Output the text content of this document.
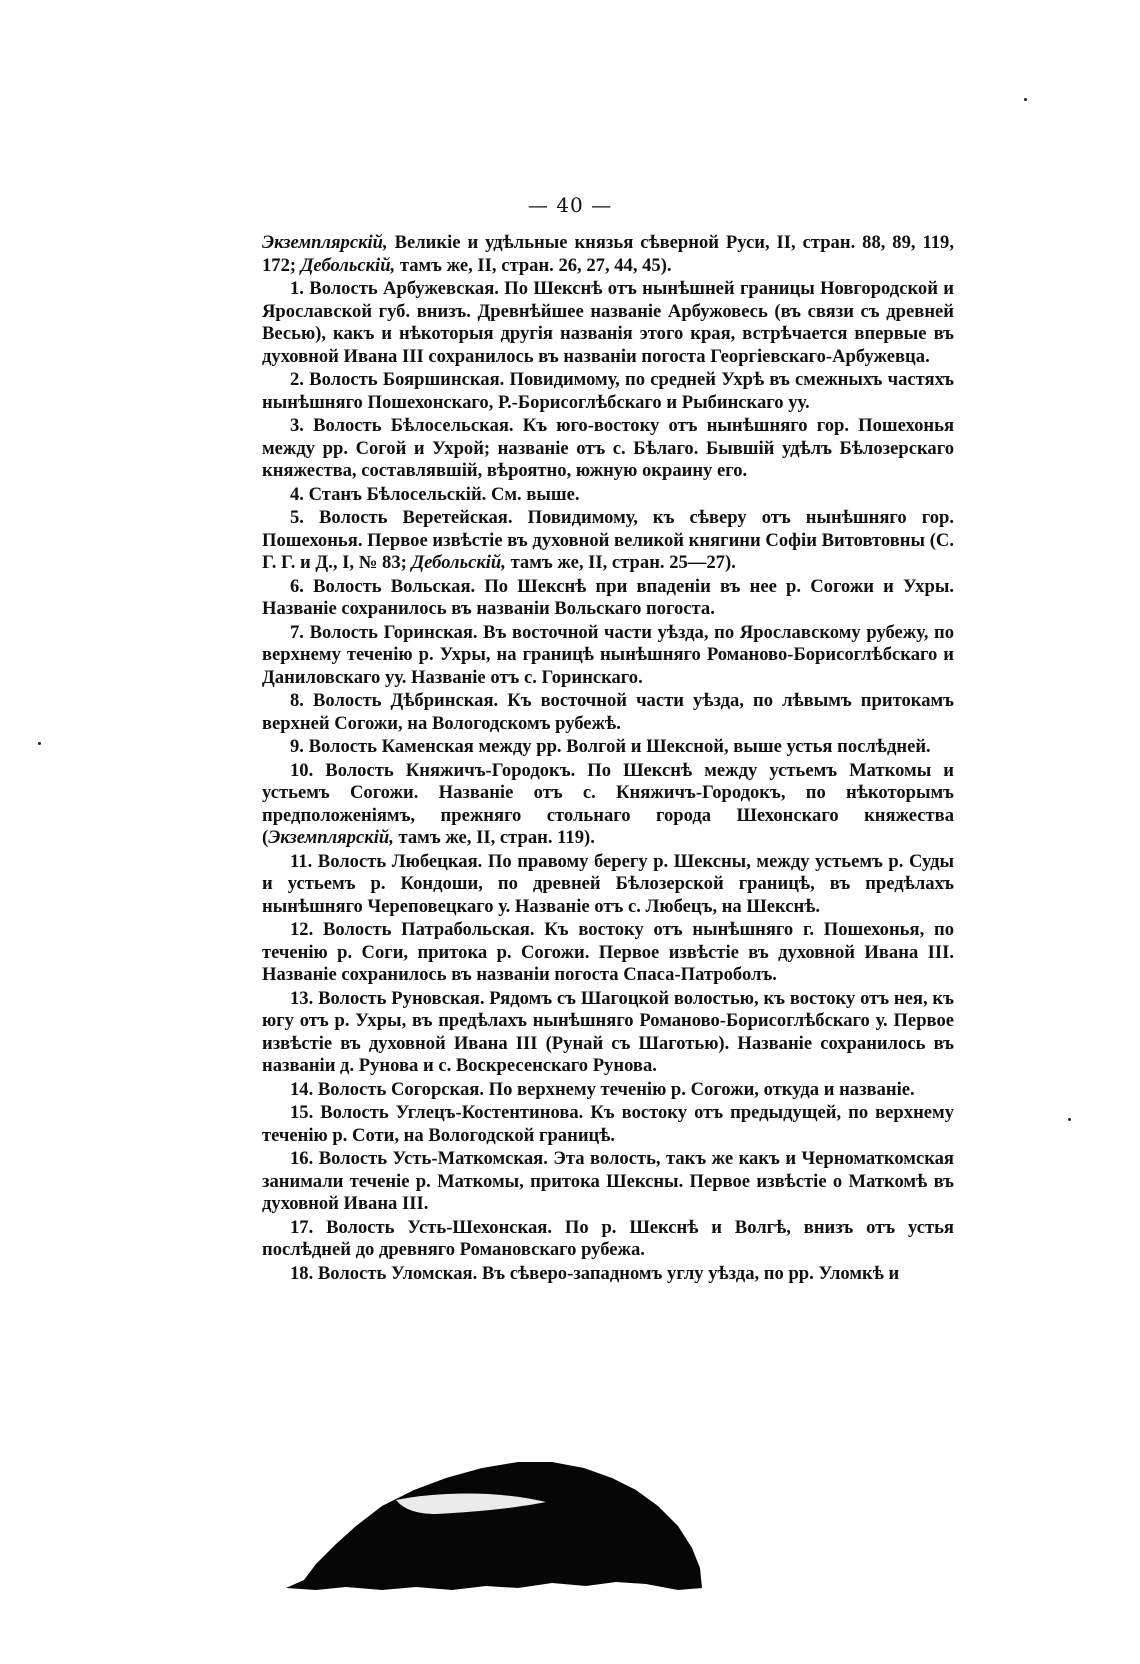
— 40 —

Экземплярскій, Великіе и удѣльные князья сѣверной Руси, II, стран. 88, 89, 119, 172; Дебольскій, тамъ же, II, стран. 26, 27, 44, 45).

1. Волость Арбужевская. По Шекснѣ отъ нынѣшней границы Новгородской и Ярославской губ. внизъ. Древнѣйшее названіе Арбужовесь (въ связи съ древней Весью), какъ и нѣкоторыя другія названія этого края, встрѣчается впервые въ духовной Ивана III сохранилось въ названіи погоста Георгіевскаго-Арбужевца.

2. Волость Бояршинская. Повидимому, по средней Ухрѣ въ смежныхъ частяхъ нынѣшняго Пошехонскаго, Р.-Борисоглѣбскаго и Рыбинскаго уу.

3. Волость Бѣлосельская. Къ юго-востоку отъ нынѣшняго гор. Пошехонья между рр. Согой и Ухрой; названіе отъ с. Бѣлаго. Бывшій удѣлъ Бѣлозерскаго княжества, составлявшій, вѣроятно, южную окраину его.

4. Станъ Бѣлосельскій. См. выше.

5. Волость Веретейская. Повидимому, къ сѣверу отъ нынѣшняго гор. Пошехонья. Первое извѣстіе въ духовной великой княгини Софіи Витовтовны (С. Г. Г. и Д., I, № 83; Дебольскій, тамъ же, II, стран. 25—27).

6. Волость Вольская. По Шекснѣ при впаденіи въ нее р. Согожи и Ухры. Названіе сохранилось въ названіи Вольскаго погоста.

7. Волость Горинская. Въ восточной части уѣзда, по Ярославскому рубежу, по верхнему теченію р. Ухры, на границѣ нынѣшняго Романово-Борисоглѣбскаго и Даниловскаго уу. Названіе отъ с. Горинскаго.

8. Волость Дѣбринская. Къ восточной части уѣзда, по лѣвымъ притокамъ верхней Согожи, на Вологодскомъ рубежѣ.

9. Волость Каменская между рр. Волгой и Шексной, выше устья послѣдней.

10. Волость Княжичъ-Городокъ. По Шекснѣ между устьемъ Маткомы и устьемъ Согожи. Названіе отъ с. Княжичъ-Городокъ, по нѣкоторымъ предположеніямъ, прежняго стольнаго города Шехонскаго княжества (Экземплярскій, тамъ же, II, стран. 119).

11. Волость Любецкая. По правому берегу р. Шексны, между устьемъ р. Суды и устьемъ р. Кондоши, по древней Бѣлозерской границѣ, въ предѣлахъ нынѣшняго Череповецкаго у. Названіе отъ с. Любецъ, на Шекснѣ.

12. Волость Патрабольская. Къ востоку отъ нынѣшняго г. Пошехонья, по теченію р. Соги, притока р. Согожи. Первое извѣстіе въ духовной Ивана III. Названіе сохранилось въ названіи погоста Спаса-Патроболъ.

13. Волость Руновская. Рядомъ съ Шагоцкой волостью, къ востоку отъ нея, къ югу отъ р. Ухры, въ предѣлахъ нынѣшняго Романово-Борисоглѣбскаго у. Первое извѣстіе въ духовной Ивана III (Рунай съ Шаготью). Названіе сохранилось въ названіи д. Рунова и с. Воскресенскаго Рунова.

14. Волость Согорская. По верхнему теченію р. Согожи, откуда и названіе.

15. Волость Углецъ-Костентинова. Къ востоку отъ предыдущей, по верхнему теченію р. Соти, на Вологодской границѣ.

16. Волость Усть-Маткомская. Эта волость, такъ же какъ и Черноматкомская занимали теченіе р. Маткомы, притока Шексны. Первое извѣстіе о Маткомѣ въ духовной Ивана III.

17. Волость Усть-Шехонская. По р. Шекснѣ и Волгѣ, внизъ отъ устья послѣдней до древняго Романовскаго рубежа.

18. Волость Уломская. Въ сѣверо-западномъ углу уѣзда, по рр. Уломкѣ и
